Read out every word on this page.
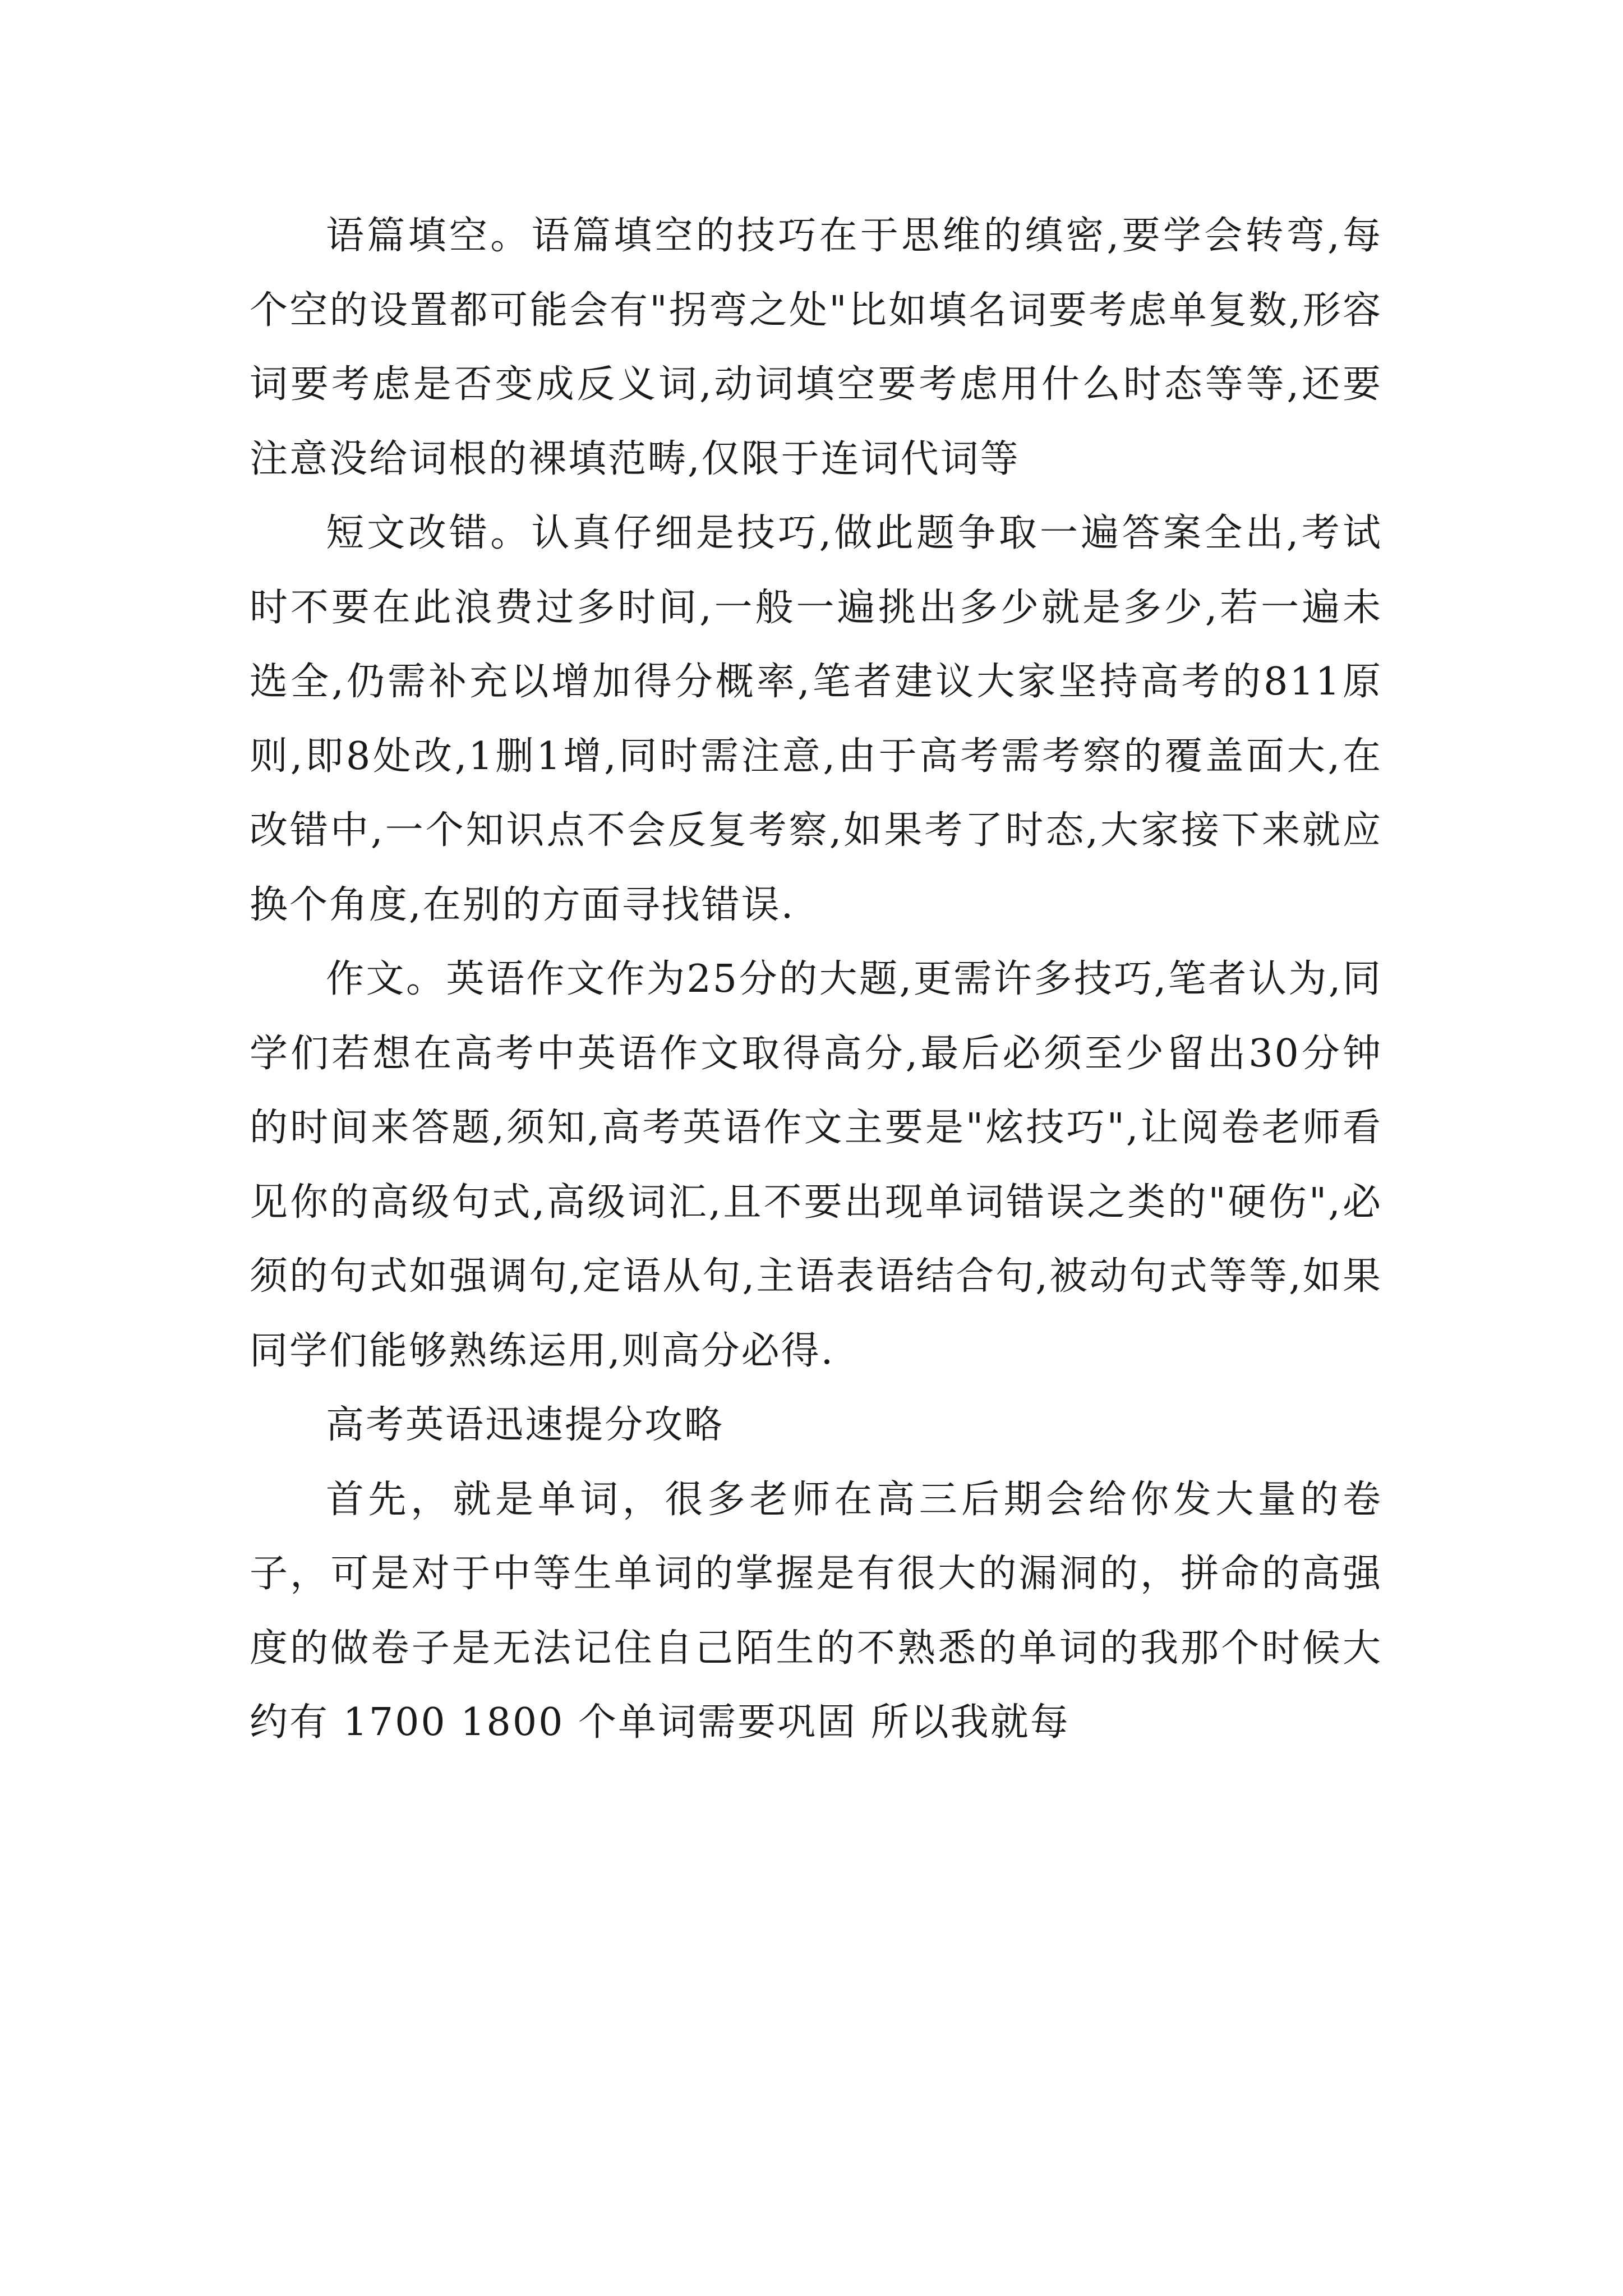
语篇填空。语篇填空的技巧在于思维的缜密,要学会转弯,每个空的设置都可能会有"拐弯之处"比如填名词要考虑单复数,形容词要考虑是否变成反义词,动词填空要考虑用什么时态等等,还要注意没给词根的裸填范畴,仅限于连词代词等

短文改错。认真仔细是技巧,做此题争取一遍答案全出,考试时不要在此浪费过多时间,一般一遍挑出多少就是多少,若一遍未选全,仍需补充以增加得分概率,笔者建议大家坚持高考的811原则,即8处改,1删1增,同时需注意,由于高考需考察的覆盖面大,在改错中,一个知识点不会反复考察,如果考了时态,大家接下来就应换个角度,在别的方面寻找错误.

作文。英语作文作为25分的大题,更需许多技巧,笔者认为,同学们若想在高考中英语作文取得高分,最后必须至少留出30分钟的时间来答题,须知,高考英语作文主要是"炫技巧",让阅卷老师看见你的高级句式,高级词汇,且不要出现单词错误之类的"硬伤",必须的句式如强调句,定语从句,主语表语结合句,被动句式等等,如果同学们能够熟练运用,则高分必得.

高考英语迅速提分攻略

首先，就是单词，很多老师在高三后期会给你发大量的卷子，可是对于中等生单词的掌握是有很大的漏洞的，拼命的高强度的做卷子是无法记住自己陌生的不熟悉的单词的我那个时候大约有 1700 1800 个单词需要巩固 所以我就每
